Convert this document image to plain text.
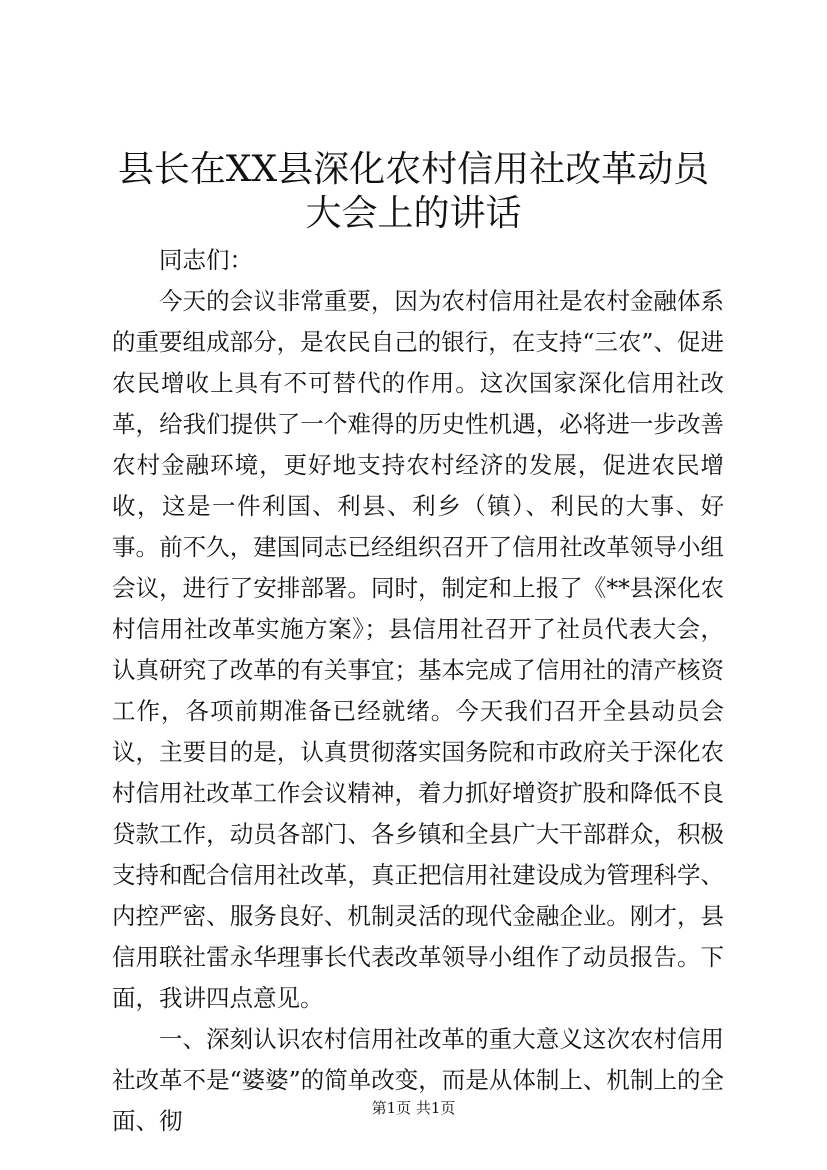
县长在XX县深化农村信用社改革动员大会上的讲话

同志们：

今天的会议非常重要，因为农村信用社是农村金融体系的重要组成部分，是农民自己的银行，在支持“三农”、促进农民增收上具有不可替代的作用。这次国家深化信用社改革，给我们提供了一个难得的历史性机遇，必将进一步改善农村金融环境，更好地支持农村经济的发展，促进农民增收，这是一件利国、利县、利乡（镇）、利民的大事、好事。前不久，建国同志已经组织召开了信用社改革领导小组会议，进行了安排部署。同时，制定和上报了《**县深化农村信用社改革实施方案》；县信用社召开了社员代表大会，认真研究了改革的有关事宜；基本完成了信用社的清产核资工作，各项前期准备已经就绪。今天我们召开全县动员会议，主要目的是，认真贯彻落实国务院和市政府关于深化农村信用社改革工作会议精神，着力抓好增资扩股和降低不良贷款工作，动员各部门、各乡镇和全县广大干部群众，积极支持和配合信用社改革，真正把信用社建设成为管理科学、内控严密、服务良好、机制灵活的现代金融企业。刚才，县信用联社雷永华理事长代表改革领导小组作了动员报告。下面，我讲四点意见。

一、深刻认识农村信用社改革的重大意义这次农村信用社改革不是“婆婆”的简单改变，而是从体制上、机制上的全面、彻	第1页 共1页
